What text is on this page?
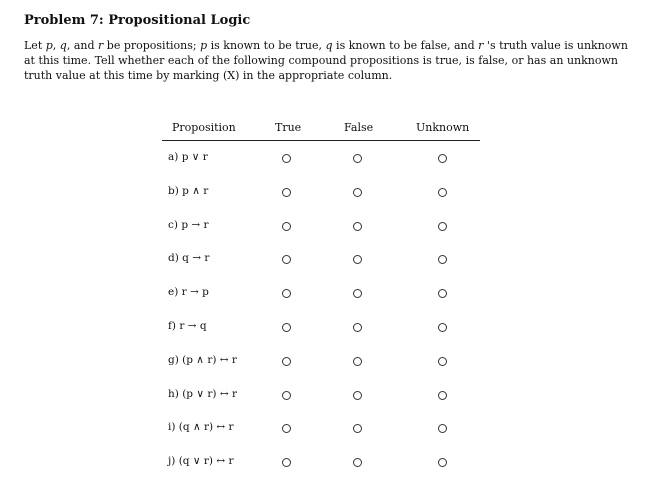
Problem 7: Propositional Logic
Let p, q, and r be propositions; p is known to be true, q is known to be false, and r 's truth value is unknown
at this time. Tell whether each of the following compound propositions is true, is false, or has an unknown
truth value at this time by marking (X) in the appropriate column.
Proposition	True	False	Unknown
a) p ∨ r
b) p ∧ r
c) p → r
d) q → r
e) r → p
f) r → q
g) (p ∧ r) ↔ r
h) (p ∨ r) ↔ r
i) (q ∧ r) ↔ r
j) (q ∨ r) ↔ r
